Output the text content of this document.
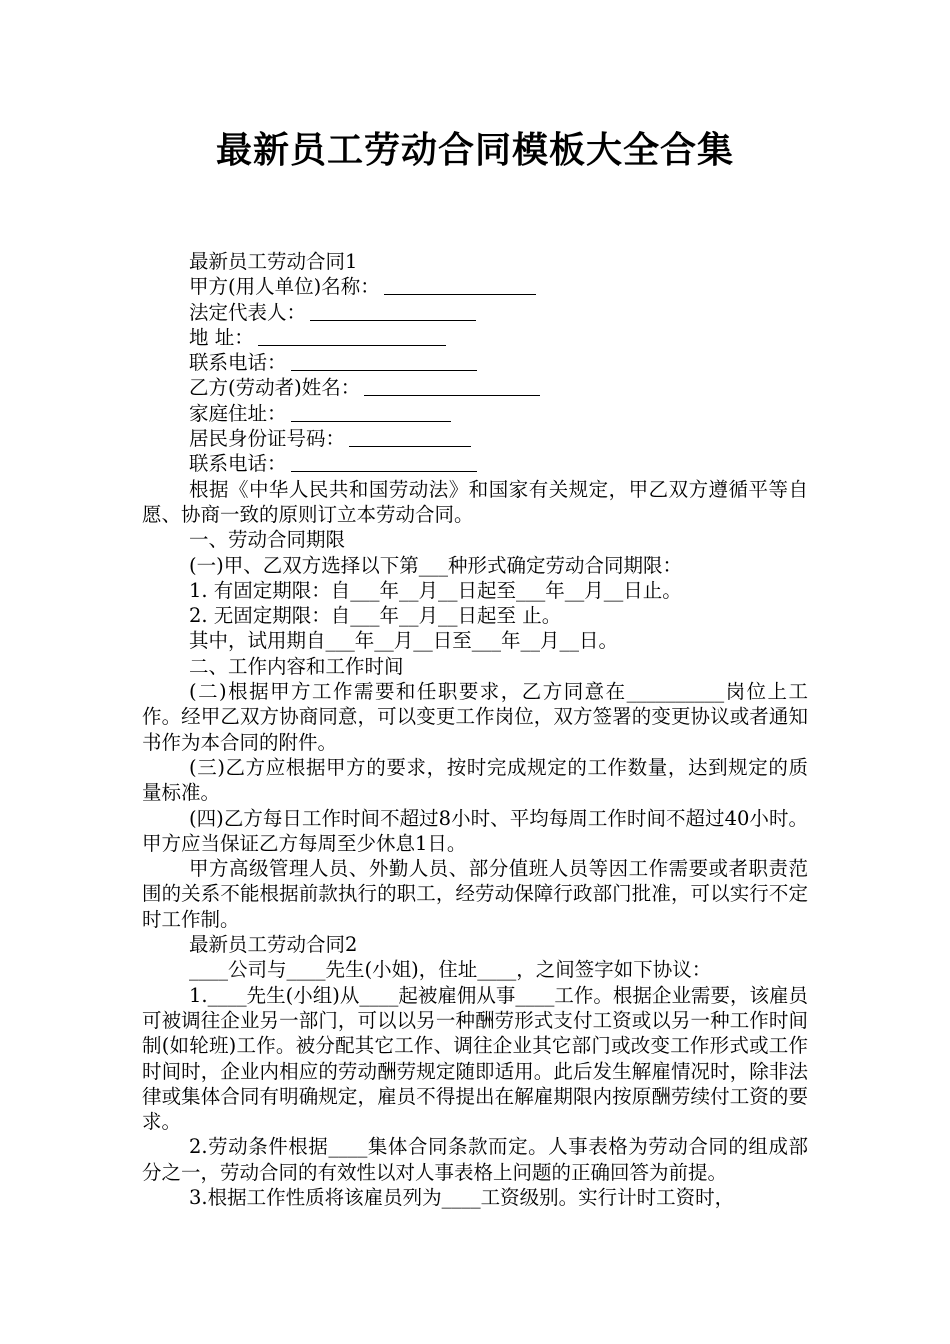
最新员工劳动合同模板大全合集
最新员工劳动合同1
甲方(用人单位)名称：
法定代表人：
地 址：
联系电话：
乙方(劳动者)姓名：
家庭住址：
居民身份证号码：
联系电话：

根据《中华人民共和国劳动法》和国家有关规定，甲乙双方遵循平等自愿、协商一致的原则订立本劳动合同。

一、劳动合同期限
(一)甲、乙双方选择以下第___种形式确定劳动合同期限：
1. 有固定期限：自___年__月__日起至___年__月__日止。
2. 无固定期限：自___年__月__日起至 止。
其中，试用期自___年__月__日至___年__月__日。
二、工作内容和工作时间

(二)根据甲方工作需要和任职要求，乙方同意在__________岗位上工作。经甲乙双方协商同意，可以变更工作岗位，双方签署的变更协议或者通知书作为本合同的附件。

(三)乙方应根据甲方的要求，按时完成规定的工作数量，达到规定的质量标准。

(四)乙方每日工作时间不超过8小时、平均每周工作时间不超过40小时。甲方应当保证乙方每周至少休息1日。

甲方高级管理人员、外勤人员、部分值班人员等因工作需要或者职责范围的关系不能根据前款执行的职工，经劳动保障行政部门批准，可以实行不定时工作制。

最新员工劳动合同2
____公司与____先生(小姐)，住址____，之间签字如下协议：

1.____先生(小组)从____起被雇佣从事____工作。根据企业需要，该雇员可被调往企业另一部门，可以以另一种酬劳形式支付工资或以另一种工作时间制(如轮班)工作。被分配其它工作、调往企业其它部门或改变工作形式或工作时间时，企业内相应的劳动酬劳规定随即适用。此后发生解雇情况时，除非法律或集体合同有明确规定，雇员不得提出在解雇期限内按原酬劳续付工资的要求。

2.劳动条件根据____集体合同条款而定。人事表格为劳动合同的组成部分之一，劳动合同的有效性以对人事表格上问题的正确回答为前提。

3.根据工作性质将该雇员列为____工资级别。实行计时工资时，
